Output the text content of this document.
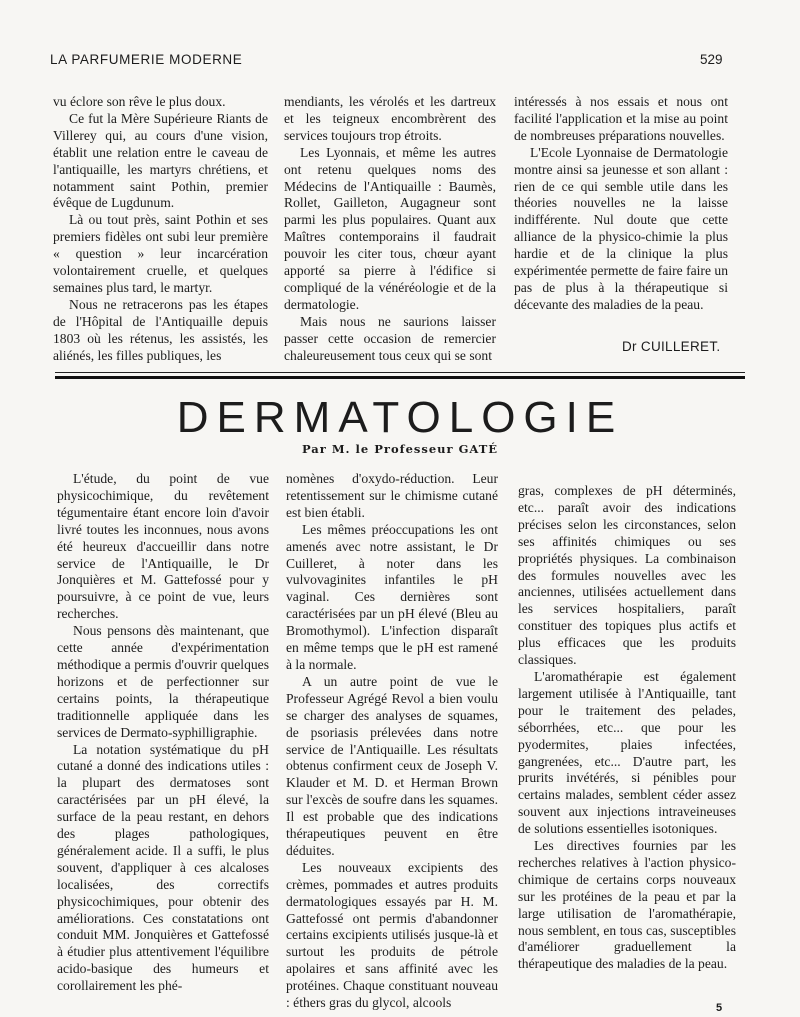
LA PARFUMERIE MODERNE	529

vu éclore son rêve le plus doux.

Ce fut la Mère Supérieure Riants de Villerey qui, au cours d'une vision, établit une relation entre le caveau de l'antiquaille, les martyrs chrétiens, et notamment saint Pothin, premier évêque de Lugdunum.

Là ou tout près, saint Pothin et ses premiers fidèles ont subi leur première « question » leur incarcération volontairement cruelle, et quelques semaines plus tard, le martyr.

Nous ne retracerons pas les étapes de l'Hôpital de l'Antiquaille depuis 1803 où les rétenus, les assistés, les aliénés, les filles publiques, les

mendiants, les vérolés et les dartreux et les teigneux encombrèrent des services toujours trop étroits.

Les Lyonnais, et même les autres ont retenu quelques noms des Médecins de l'Antiquaille : Baumès, Rollet, Gailleton, Augagneur sont parmi les plus populaires. Quant aux Maîtres contemporains il faudrait pouvoir les citer tous, chœur ayant apporté sa pierre à l'édifice si compliqué de la vénéréologie et de la dermatologie.

Mais nous ne saurions laisser passer cette occasion de remercier chaleureusement tous ceux qui se sont

intéressés à nos essais et nous ont facilité l'application et la mise au point de nombreuses préparations nouvelles.

L'Ecole Lyonnaise de Dermatologie montre ainsi sa jeunesse et son allant : rien de ce qui semble utile dans les théories nouvelles ne la laisse indifférente. Nul doute que cette alliance de la physico-chimie la plus hardie et de la clinique la plus expérimentée permette de faire faire un pas de plus à la thérapeutique si décevante des maladies de la peau.

Dr CUILLERET.
DERMATOLOGIE
Par M. le Professeur GATÉ

L'étude, du point de vue physicochimique, du revêtement tégumentaire étant encore loin d'avoir livré toutes les inconnues, nous avons été heureux d'accueillir dans notre service de l'Antiquaille, le Dr Jonquières et M. Gattefossé pour y poursuivre, à ce point de vue, leurs recherches.

Nous pensons dès maintenant, que cette année d'expérimentation méthodique a permis d'ouvrir quelques horizons et de perfectionner sur certains points, la thérapeutique traditionnelle appliquée dans les services de Dermato-syphilligraphie.

La notation systématique du pH cutané a donné des indications utiles : la plupart des dermatoses sont caractérisées par un pH élevé, la surface de la peau restant, en dehors des plages pathologiques, généralement acide. Il a suffi, le plus souvent, d'appliquer à ces alcaloses localisées, des correctifs physicochimiques, pour obtenir des améliorations. Ces constatations ont conduit MM. Jonquières et Gattefossé à étudier plus attentivement l'équilibre acido-basique des humeurs et corollairement les phé-

nomènes d'oxydo-réduction. Leur retentissement sur le chimisme cutané est bien établi.

Les mêmes préoccupations les ont amenés avec notre assistant, le Dr Cuilleret, à noter dans les vulvovaginites infantiles le pH vaginal. Ces dernières sont caractérisées par un pH élevé (Bleu au Bromothymol). L'infection disparaît en même temps que le pH est ramené à la normale.

A un autre point de vue le Professeur Agrégé Revol a bien voulu se charger des analyses de squames, de psoriasis prélevées dans notre service de l'Antiquaille. Les résultats obtenus confirment ceux de Joseph V. Klauder et M. D. et Herman Brown sur l'excès de soufre dans les squames. Il est probable que des indications thérapeutiques peuvent en être déduites.

Les nouveaux excipients des crèmes, pommades et autres produits dermatologiques essayés par H. M. Gattefossé ont permis d'abandonner certains excipients utilisés jusque-là et surtout les produits de pétrole apolaires et sans affinité avec les protéines. Chaque constituant nouveau : éthers gras du glycol, alcools

gras, complexes de pH déterminés, etc... paraît avoir des indications précises selon les circonstances, selon ses affinités chimiques ou ses propriétés physiques. La combinaison des formules nouvelles avec les anciennes, utilisées actuellement dans les services hospitaliers, paraît constituer des topiques plus actifs et plus efficaces que les produits classiques.

L'aromathérapie est également largement utilisée à l'Antiquaille, tant pour le traitement des pelades, séborrhées, etc... que pour les pyodermites, plaies infectées, gangrenées, etc... D'autre part, les prurits invétérés, si pénibles pour certains malades, semblent céder assez souvent aux injections intraveineuses de solutions essentielles isotoniques.

Les directives fournies par les recherches relatives à l'action physico-chimique de certains corps nouveaux sur les protéines de la peau et par la large utilisation de l'aromathérapie, nous semblent, en tous cas, susceptibles d'améliorer graduellement la thérapeutique des maladies de la peau.

5
